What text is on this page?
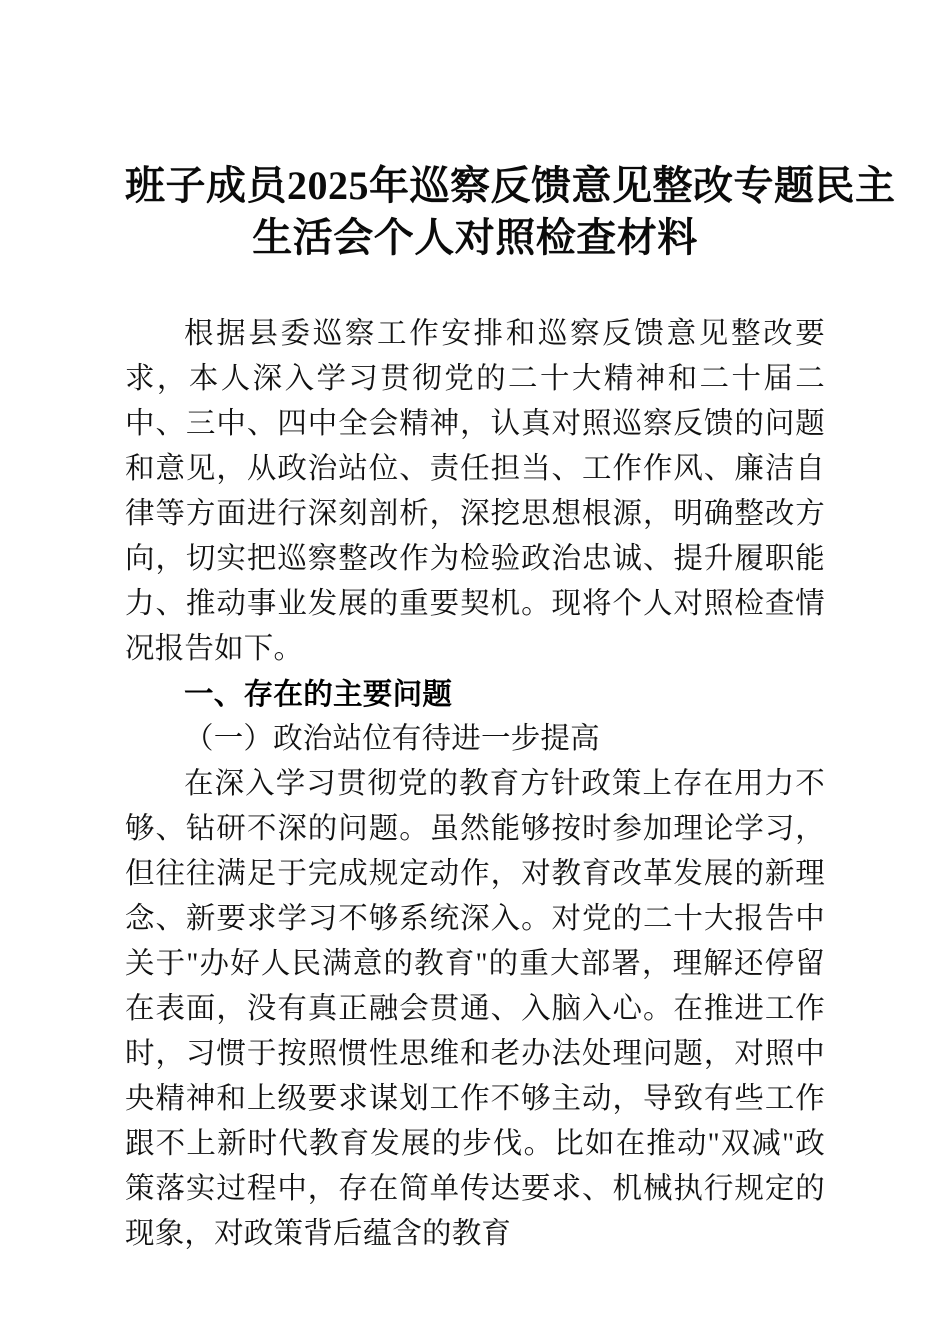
班子成员2025年巡察反馈意见整改专题民主
生活会个人对照检查材料

根据县委巡察工作安排和巡察反馈意见整改要求，本人深入学习贯彻党的二十大精神和二十届二中、三中、四中全会精神，认真对照巡察反馈的问题和意见，从政治站位、责任担当、工作作风、廉洁自律等方面进行深刻剖析，深挖思想根源，明确整改方向，切实把巡察整改作为检验政治忠诚、提升履职能力、推动事业发展的重要契机。现将个人对照检查情况报告如下。

一、存在的主要问题
（一）政治站位有待进一步提高

在深入学习贯彻党的教育方针政策上存在用力不够、钻研不深的问题。虽然能够按时参加理论学习，但往往满足于完成规定动作，对教育改革发展的新理念、新要求学习不够系统深入。对党的二十大报告中关于"办好人民满意的教育"的重大部署，理解还停留在表面，没有真正融会贯通、入脑入心。在推进工作时，习惯于按照惯性思维和老办法处理问题，对照中央精神和上级要求谋划工作不够主动，导致有些工作跟不上新时代教育发展的步伐。比如在推动"双减"政策落实过程中，存在简单传达要求、机械执行规定的现象，对政策背后蕴含的教育
